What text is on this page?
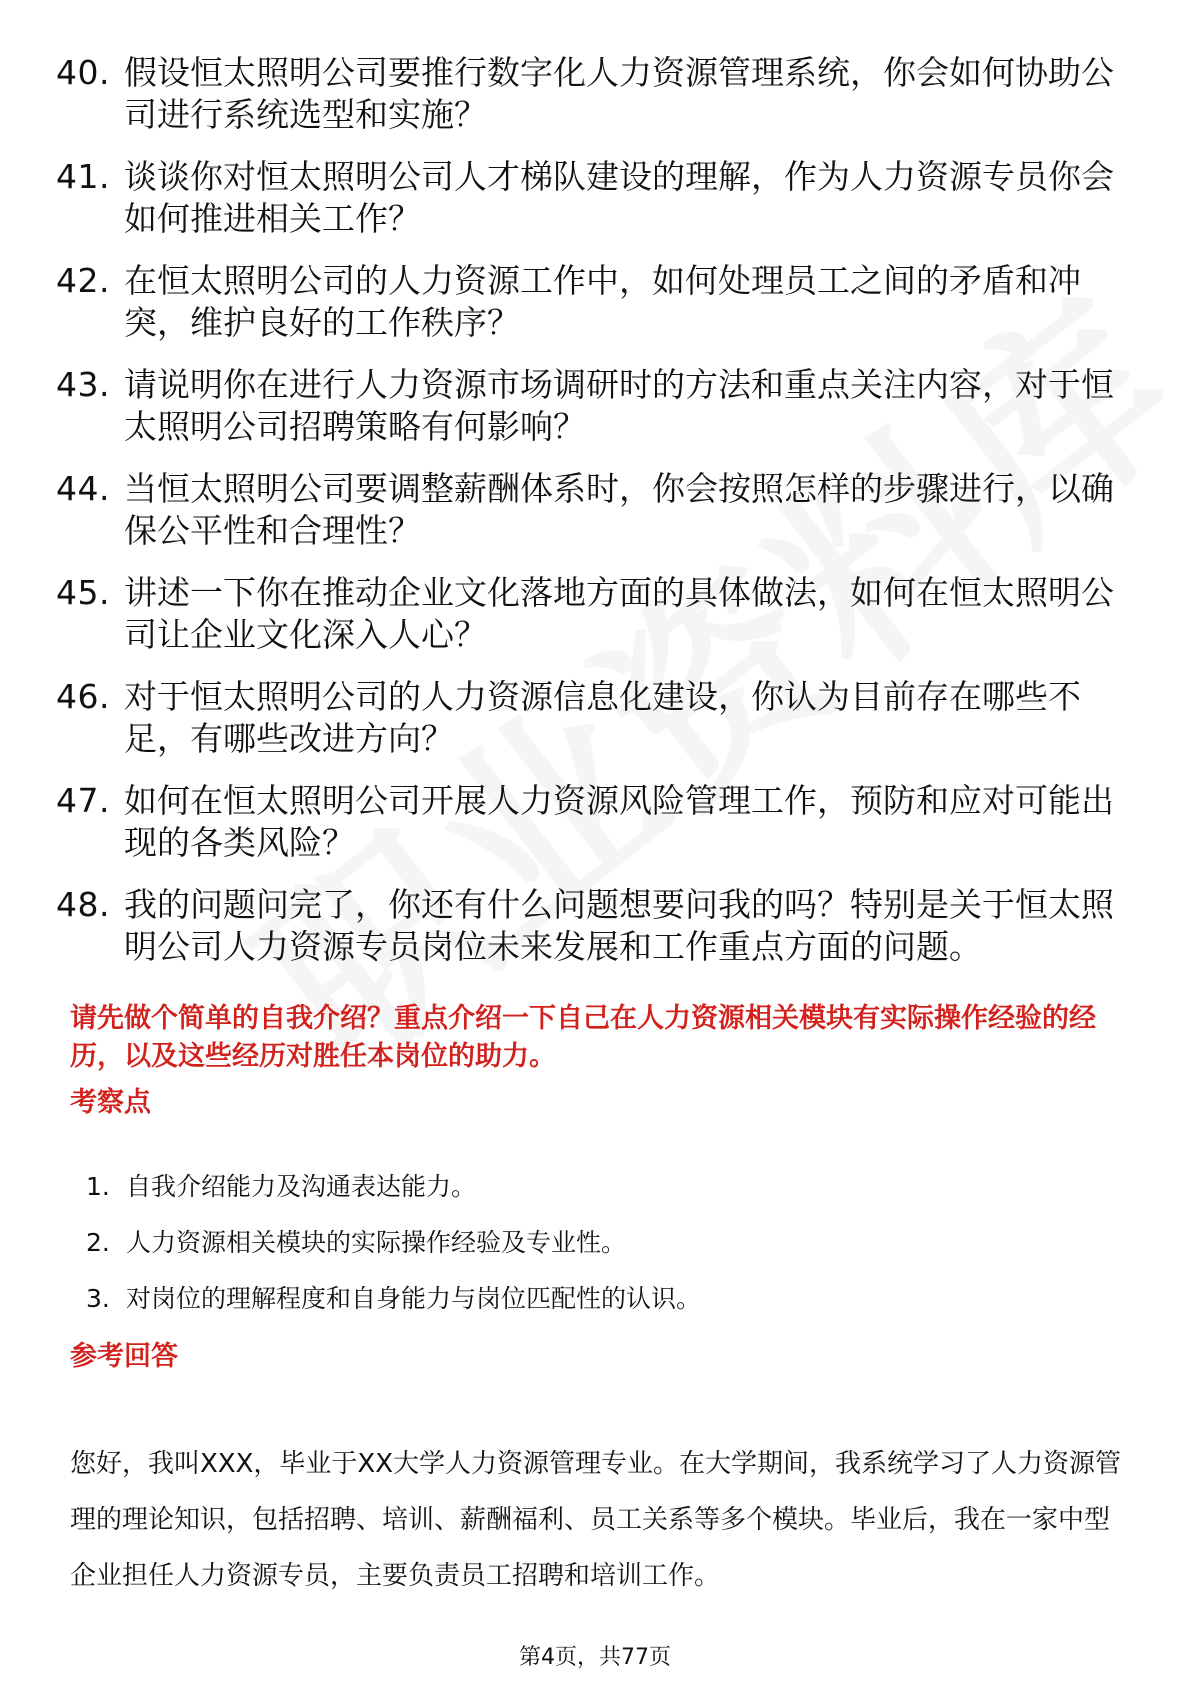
40. 假设恒太照明公司要推行数字化人力资源管理系统，你会如何协助公司进行系统选型和实施？
41. 谈谈你对恒太照明公司人才梯队建设的理解，作为人力资源专员你会如何推进相关工作？
42. 在恒太照明公司的人力资源工作中，如何处理员工之间的矛盾和冲突，维护良好的工作秩序？
43. 请说明你在进行人力资源市场调研时的方法和重点关注内容，对于恒太照明公司招聘策略有何影响？
44. 当恒太照明公司要调整薪酬体系时，你会按照怎样的步骤进行，以确保公平性和合理性？
45. 讲述一下你在推动企业文化落地方面的具体做法，如何在恒太照明公司让企业文化深入人心？
46. 对于恒太照明公司的人力资源信息化建设，你认为目前存在哪些不足，有哪些改进方向？
47. 如何在恒太照明公司开展人力资源风险管理工作，预防和应对可能出现的各类风险？
48. 我的问题问完了，你还有什么问题想要问我的吗？特别是关于恒太照明公司人力资源专员岗位未来发展和工作重点方面的问题。
请先做个简单的自我介绍？重点介绍一下自己在人力资源相关模块有实际操作经验的经历，以及这些经历对胜任本岗位的助力。
考察点
1. 自我介绍能力及沟通表达能力。
2. 人力资源相关模块的实际操作经验及专业性。
3. 对岗位的理解程度和自身能力与岗位匹配性的认识。
参考回答
您好，我叫XXX，毕业于XX大学人力资源管理专业。在大学期间，我系统学习了人力资源管理的理论知识，包括招聘、培训、薪酬福利、员工关系等多个模块。毕业后，我在一家中型企业担任人力资源专员，主要负责员工招聘和培训工作。
第4页，共77页
